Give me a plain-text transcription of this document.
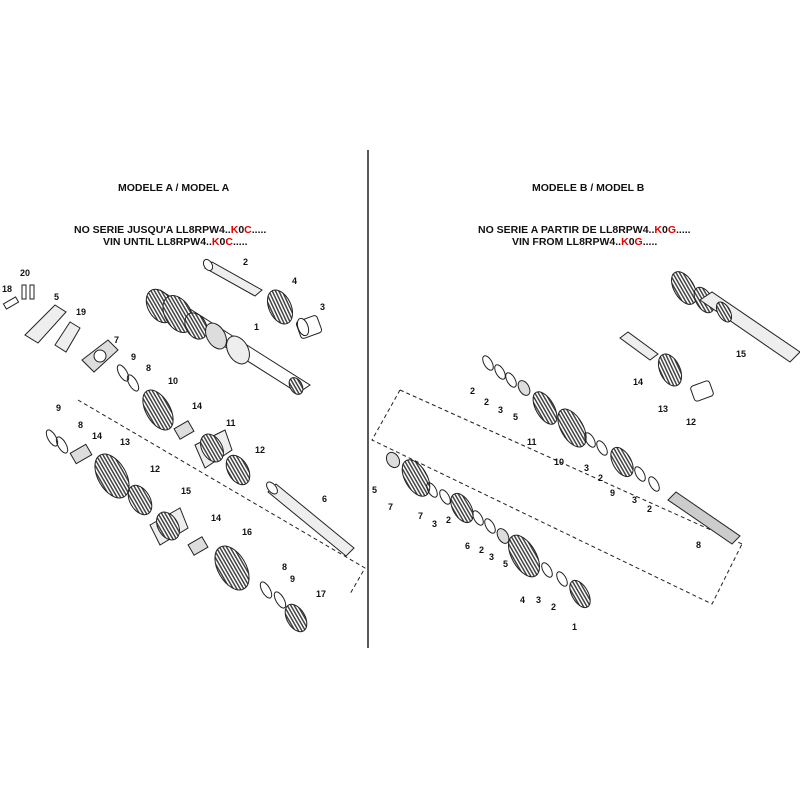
MODELE A / MODEL A
NO SERIE JUSQU'A LL8RPW4..K0C.....
VIN UNTIL LL8RPW4..K0C.....
MODELE B / MODEL B
NO SERIE A PARTIR DE LL8RPW4..K0G.....
VIN FROM LL8RPW4..K0G.....
20
18
5
19
7
9
8
2
4
3
1
10
14
11
9
8
14
13
12
15
14
6
16
8
9
17
12
15
14
13
12
2
2
3
5
11
10
3
2
7
9
3
2
5
7
3 2
6 2
3
5
4 3
2
1
8
